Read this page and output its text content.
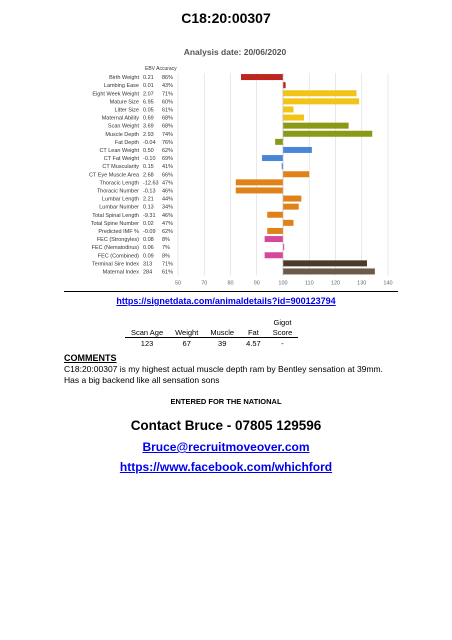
C18:20:00307
Analysis date: 20/06/2020
50	70	80	90	100	110	120	130	140
EBV Accuracy
Birth Weight 0.21 86%
Lambing Ease 0.01 43%
Eight Week Weight 2.07 71%
Mature Size 6.95 60%
Litter Size 0.05 61%
Maternal Ability 0.69 68%
Scan Weight 3.69 68%
Muscle Depth 2.93 74%
Fat Depth -0.04 76%
CT Lean Weight 0.50 62%
CT Fat Weight -0.10 69%
CT Muscularity 0.15 41%
CT Eye Muscle Area 2.68 66%
Thoracic Length -12.63 47%
Thoracic Number -0.13 46%
Lumbar Length 2.21 44%
Lumbar Number 0.13 34%
Total Spinal Length -9.31 46%
Total Spine Number 0.02 47%
Predicted IMF % -0.09 62%
FEC (Strongyles) 0.08 8%
FEC (Nematodirus) 0.06 7%
FEC (Combined) 0.09 8%
Terminal Sire Index 313 71%
Maternal Index 284 61%
https://signetdata.com/animaldetails?id=900123794
				Gigot
Scan Age	Weight	Muscle	Fat	Score
123	67	39	4.57	-
COMMENTS
C18:20:00307 is my highest actual muscle depth ram by Bentley sensation at 39mm. Has a big backend like all sensation sons
ENTERED FOR THE NATIONAL
Contact Bruce - 07805 129596
Bruce@recruitmoveover.com
https://www.facebook.com/whichford
